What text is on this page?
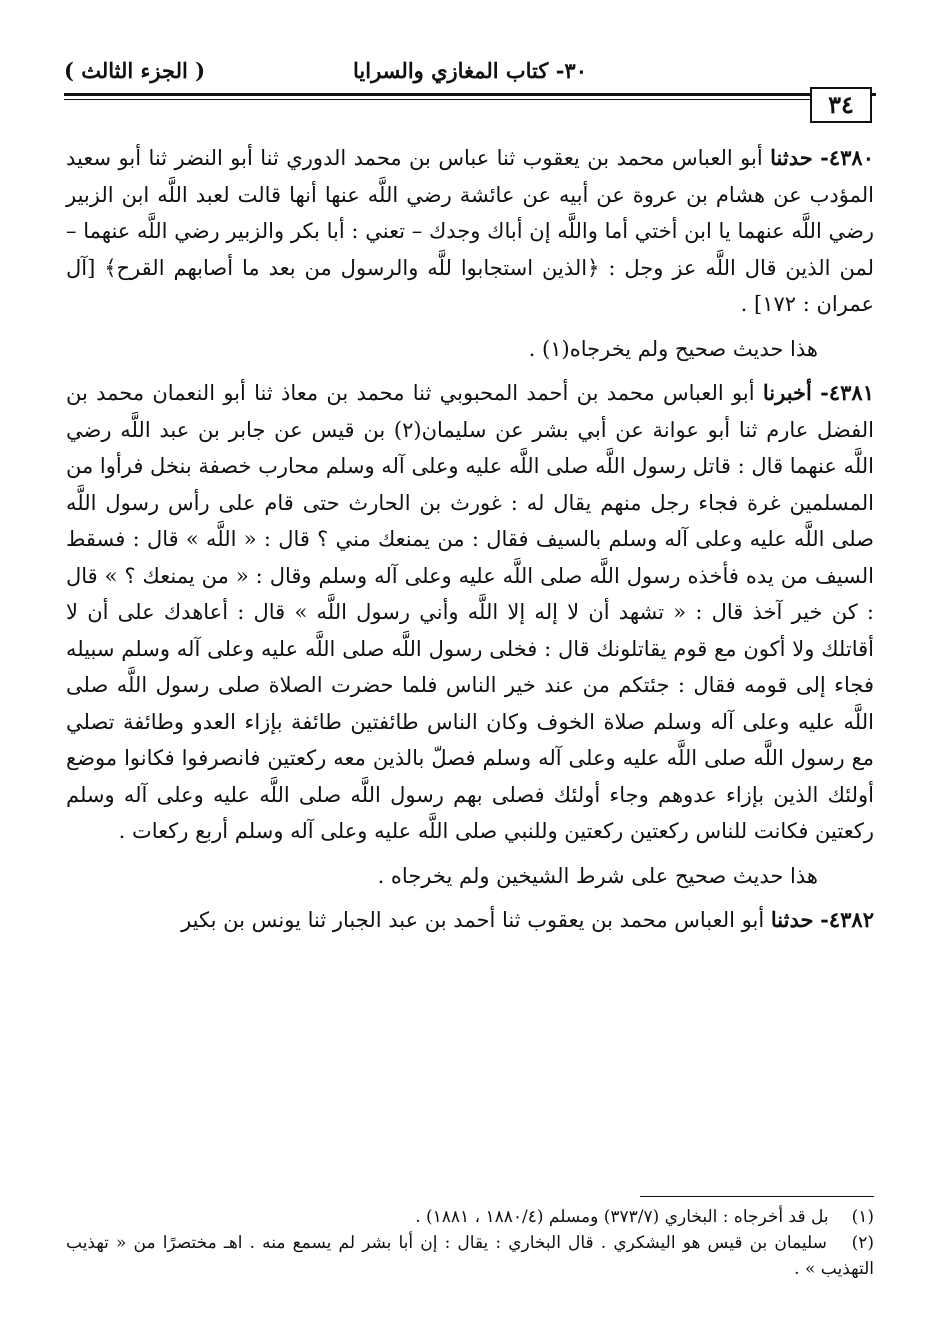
٣٠- كتاب المغازي والسرايا
( الجزء الثالث )
٣٤

٤٣٨٠- حدثنا أبو العباس محمد بن يعقوب ثنا عباس بن محمد الدوري ثنا أبو النضر ثنا أبو سعيد المؤدب عن هشام بن عروة عن أبيه عن عائشة رضي اللَّه عنها أنها قالت لعبد اللَّه ابن الزبير رضي اللَّه عنهما يا ابن أختي أما واللَّه إن أباك وجدك – تعني : أبا بكر والزبير رضي اللَّه عنهما – لمن الذين قال اللَّه عز وجل : ﴿الذين استجابوا للَّه والرسول من بعد ما أصابهم القرح﴾ [آل عمران : ١٧٢] .

هذا حديث صحيح ولم يخرجاه(١) .

٤٣٨١- أخبرنا أبو العباس محمد بن أحمد المحبوبي ثنا محمد بن معاذ ثنا أبو النعمان محمد بن الفضل عارم ثنا أبو عوانة عن أبي بشر عن سليمان(٢) بن قيس عن جابر بن عبد اللَّه رضي اللَّه عنهما قال : قاتل رسول اللَّه صلى اللَّه عليه وعلى آله وسلم محارب خصفة بنخل فرأوا من المسلمين غرة فجاء رجل منهم يقال له : غورث بن الحارث حتى قام على رأس رسول اللَّه صلى اللَّه عليه وعلى آله وسلم بالسيف فقال : من يمنعك مني ؟ قال : « اللَّه » قال : فسقط السيف من يده فأخذه رسول اللَّه صلى اللَّه عليه وعلى آله وسلم وقال : « من يمنعك ؟ » قال : كن خير آخذ قال : « تشهد أن لا إله إلا اللَّه وأني رسول اللَّه » قال : أعاهدك على أن لا أقاتلك ولا أكون مع قوم يقاتلونك قال : فخلى رسول اللَّه صلى اللَّه عليه وعلى آله وسلم سبيله فجاء إلى قومه فقال : جئتكم من عند خير الناس فلما حضرت الصلاة صلى رسول اللَّه صلى اللَّه عليه وعلى آله وسلم صلاة الخوف وكان الناس طائفتين طائفة بإزاء العدو وطائفة تصلي مع رسول اللَّه صلى اللَّه عليه وعلى آله وسلم فصلّ بالذين معه ركعتين فانصرفوا فكانوا موضع أولئك الذين بإزاء عدوهم وجاء أولئك فصلى بهم رسول اللَّه صلى اللَّه عليه وعلى آله وسلم ركعتين فكانت للناس ركعتين ركعتين وللنبي صلى اللَّه عليه وعلى آله وسلم أربع ركعات .

هذا حديث صحيح على شرط الشيخين ولم يخرجاه .

٤٣٨٢- حدثنا أبو العباس محمد بن يعقوب ثنا أحمد بن عبد الجبار ثنا يونس بن بكير

(١) بل قد أخرجاه : البخاري (٣٧٣/٧) ومسلم (١٨٨٠/٤ ، ١٨٨١) .

(٢) سليمان بن قيس هو اليشكري . قال البخاري : يقال : إن أبا بشر لم يسمع منه . اهـ مختصرًا من « تهذيب التهذيب » .
